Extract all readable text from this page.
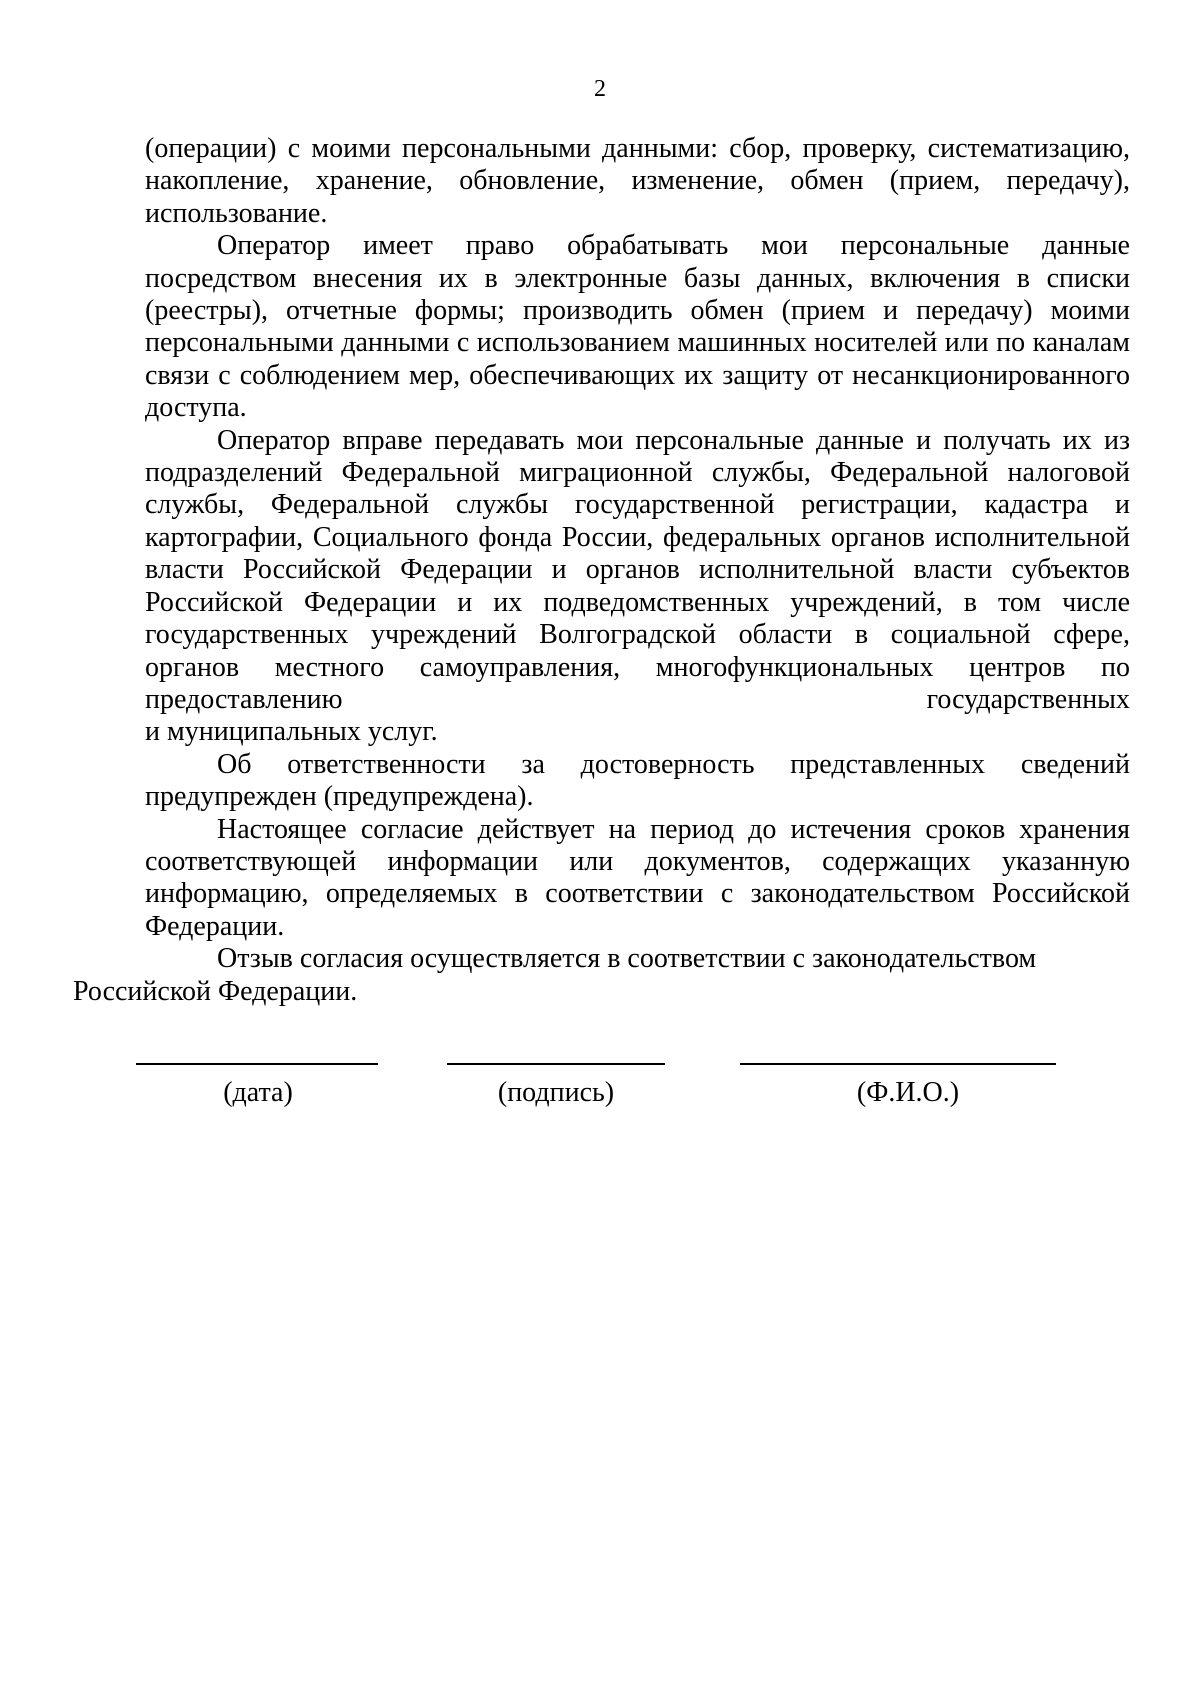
2
(операции) с моими персональными данными: сбор, проверку, систематизацию,
накопление, хранение, обновление, изменение, обмен (прием, передачу),
использование.

Оператор имеет право обрабатывать мои персональные данные посредством внесения их в электронные базы данных, включения в списки (реестры), отчетные формы; производить обмен (прием и передачу) моими персональными данными с использованием машинных носителей или по каналам связи с соблюдением мер, обеспечивающих их защиту от несанкционированного доступа.

Оператор вправе передавать мои персональные данные и получать их из подразделений Федеральной миграционной службы, Федеральной налоговой службы, Федеральной службы государственной регистрации, кадастра и картографии, Социального фонда России, федеральных органов исполнительной власти Российской Федерации и органов исполнительной власти субъектов Российской Федерации и их подведомственных учреждений, в том числе государственных учреждений Волгоградской области в социальной сфере, органов местного самоуправления, многофункциональных центров по предоставлению государственных

и муниципальных услуг.

Об ответственности за достоверность представленных сведений предупрежден (предупреждена).

Настоящее согласие действует на период до истечения сроков хранения соответствующей информации или документов, содержащих указанную информацию, определяемых в соответствии с законодательством Российской Федерации.

Отзыв согласия осуществляется в соответствии с законодательством
Российской Федерации.

(дата)	(подпись)	(Ф.И.О.)
